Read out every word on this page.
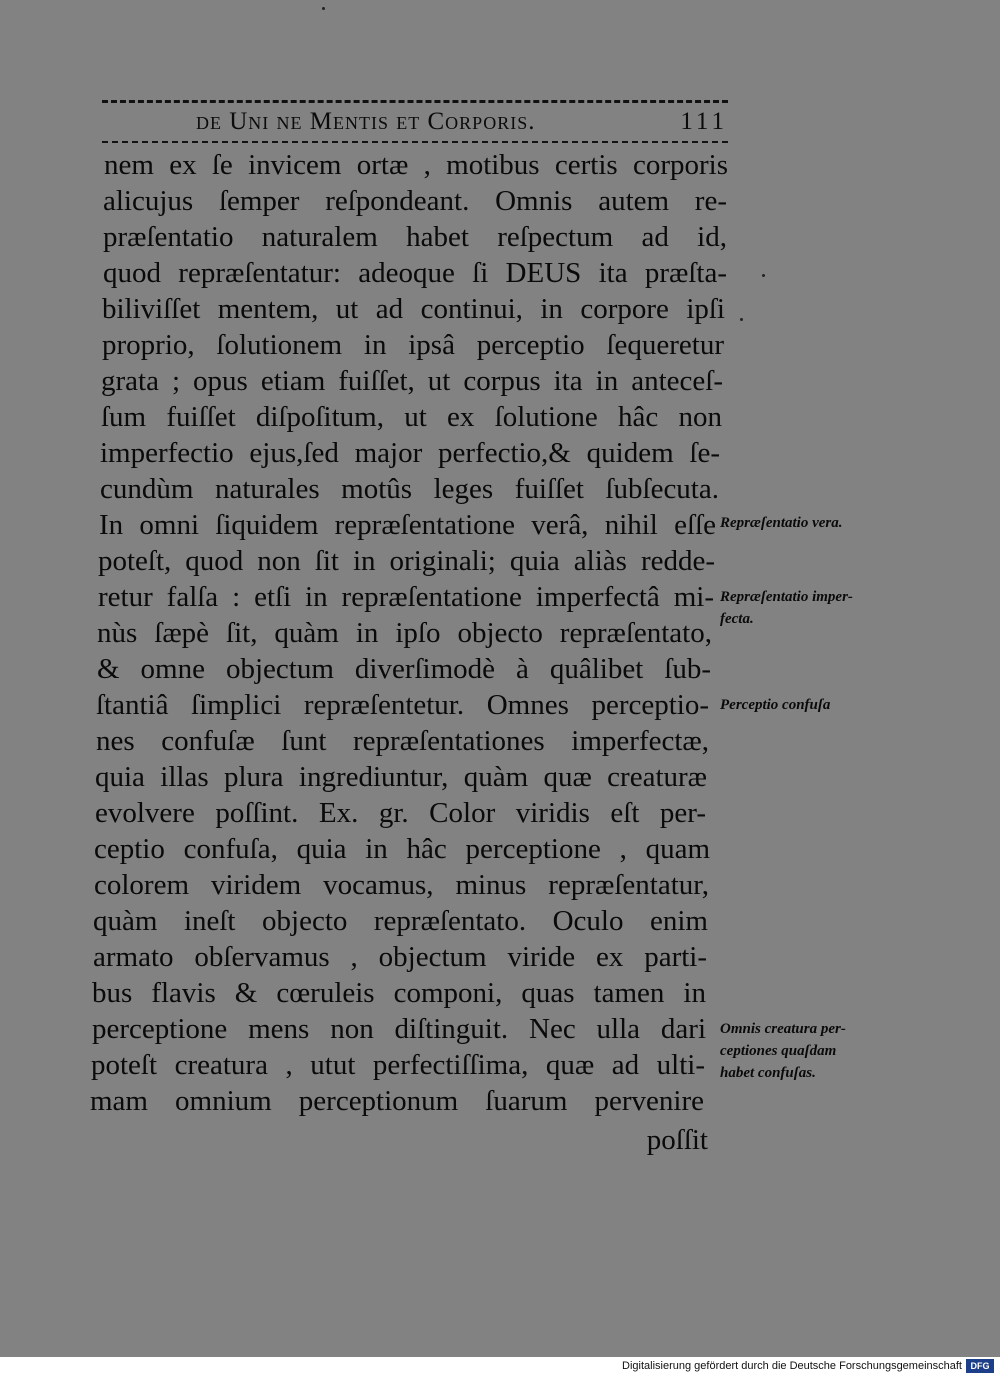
de Uni ne Mentis et Corporis.	111
nem ex ſe invicem ortæ , motibus certis corporis
alicujus ſemper reſpondeant. Omnis autem re-
præſentatio naturalem habet reſpectum ad id,
quod repræſentatur: adeoque ſi DEUS ita præſta-
biliviſſet mentem, ut ad continui, in corpore ipſi
proprio, ſolutionem in ipsâ perceptio ſequeretur
grata ; opus etiam fuiſſet, ut corpus ita in anteceſ-
ſum fuiſſet diſpoſitum, ut ex ſolutione hâc non
imperfectio ejus,ſed major perfectio,& quidem ſe-
cundùm naturales motûs leges fuiſſet ſubſecuta.
In omni ſiquidem repræſentatione verâ, nihil eſſe
poteſt, quod non ſit in originali; quia aliàs redde-
retur falſa : etſi in repræſentatione imperfectâ mi-
nùs ſæpè ſit, quàm in ipſo objecto repræſentato,
& omne objectum diverſimodè à quâlibet ſub-
ſtantiâ ſimplici repræſentetur. Omnes perceptio-
nes confuſæ ſunt repræſentationes imperfectæ,
quia illas plura ingrediuntur, quàm quæ creaturæ
evolvere poſſint. Ex. gr. Color viridis eſt per-
ceptio confuſa, quia in hâc perceptione , quam
colorem viridem vocamus, minus repræſentatur,
quàm ineſt objecto repræſentato. Oculo enim
armato obſervamus , objectum viride ex parti-
bus flavis & cœruleis componi, quas tamen in
perceptione mens non diſtinguit. Nec ulla dari
poteſt creatura , utut perfectiſſima, quæ ad ulti-
mam omnium perceptionum ſuarum pervenire
poſſit
Repræſentatio vera.
Repræſentatio imper-
fecta.
Perceptio confuſa
Omnis creatura per-
ceptiones quaſdam
habet confuſas.
Digitalisierung gefördert durch die Deutsche Forschungsgemeinschaft DFG
